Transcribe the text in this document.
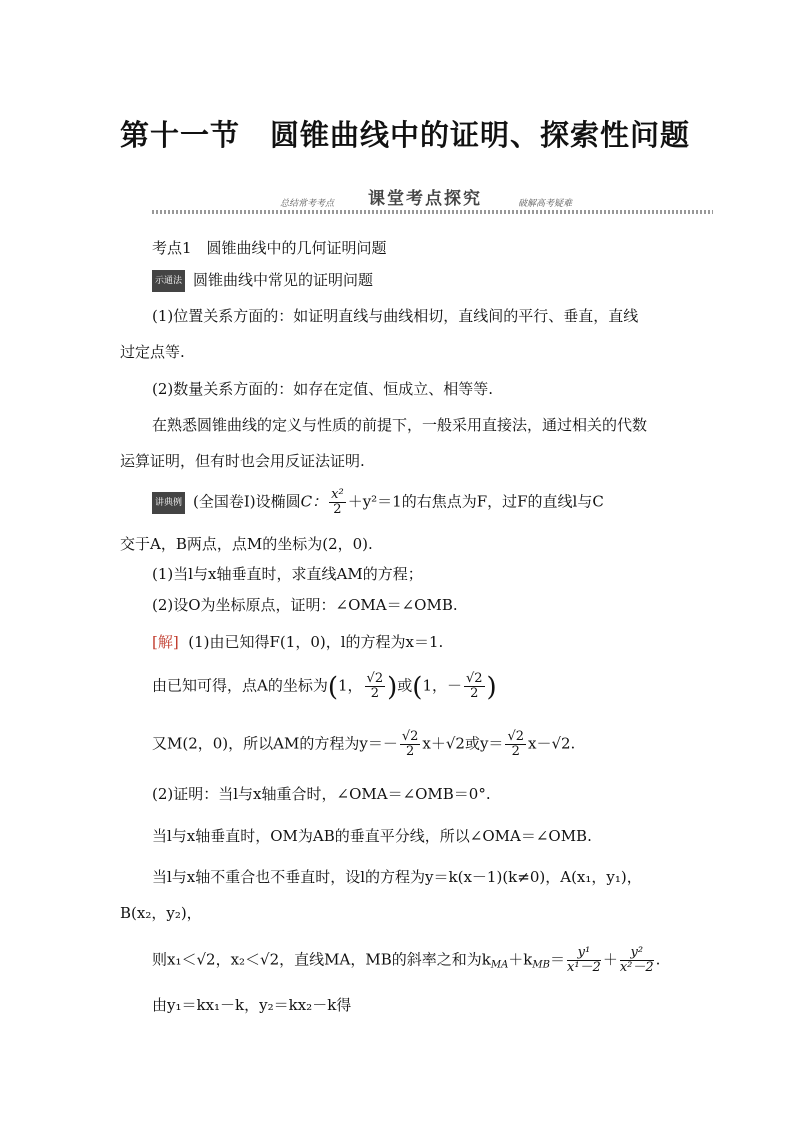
第十一节 圆锥曲线中的证明、探索性问题
总结常考考点 课堂考点探究	破解高考疑难
考点1　圆锥曲线中的几何证明问题
示通法 圆锥曲线中常见的证明问题
(1)位置关系方面的：如证明直线与曲线相切，直线间的平行、垂直，直线
过定点等.
(2)数量关系方面的：如存在定值、恒成立、相等等.
在熟悉圆锥曲线的定义与性质的前提下，一般采用直接法，通过相关的代数
运算证明，但有时也会用反证法证明.
讲典例 (全国卷Ⅰ)设椭圆C： $\frac{\text{x²}}{2} +y^2=1$的右焦点为F，过F的直线l与C
交于A，B两点，点M的坐标为(2，0).
(1)当l与x轴垂直时，求直线AM的方程；
(2)设O为坐标原点，证明：∠OMA＝∠OMB.
[解] (1)由已知得F(1，0)，l的方程为x＝1.
由已知可得，点A的坐标为(1， $\frac{√2}{2}$ )或(1，－ $\frac{√2}{2}$ )
又M(2，0)，所以AM的方程为$y=- \frac{√2}{2} x+√2$或$y= \frac{√2}{2} x-√2$.
(2)证明：当l与x轴重合时，∠OMA＝∠OMB＝0°.
当l与x轴垂直时，OM为AB的垂直平分线，所以∠OMA＝∠OMB.
当l与x轴不重合也不垂直时，设l的方程为y＝k(x－1)(k≠0)，A(x₁，y₁)，
B(x₂，y₂)，
则x₁＜√2，x₂＜√2，直线MA，MB的斜率之和为$k_{MA}+k_{MB}= \frac{\text{y¹}}{\text{x¹－2}} + \frac{\text{y²}}{\text{x²－2}}$ .
由y₁＝kx₁－k，y₂＝kx₂－k得
